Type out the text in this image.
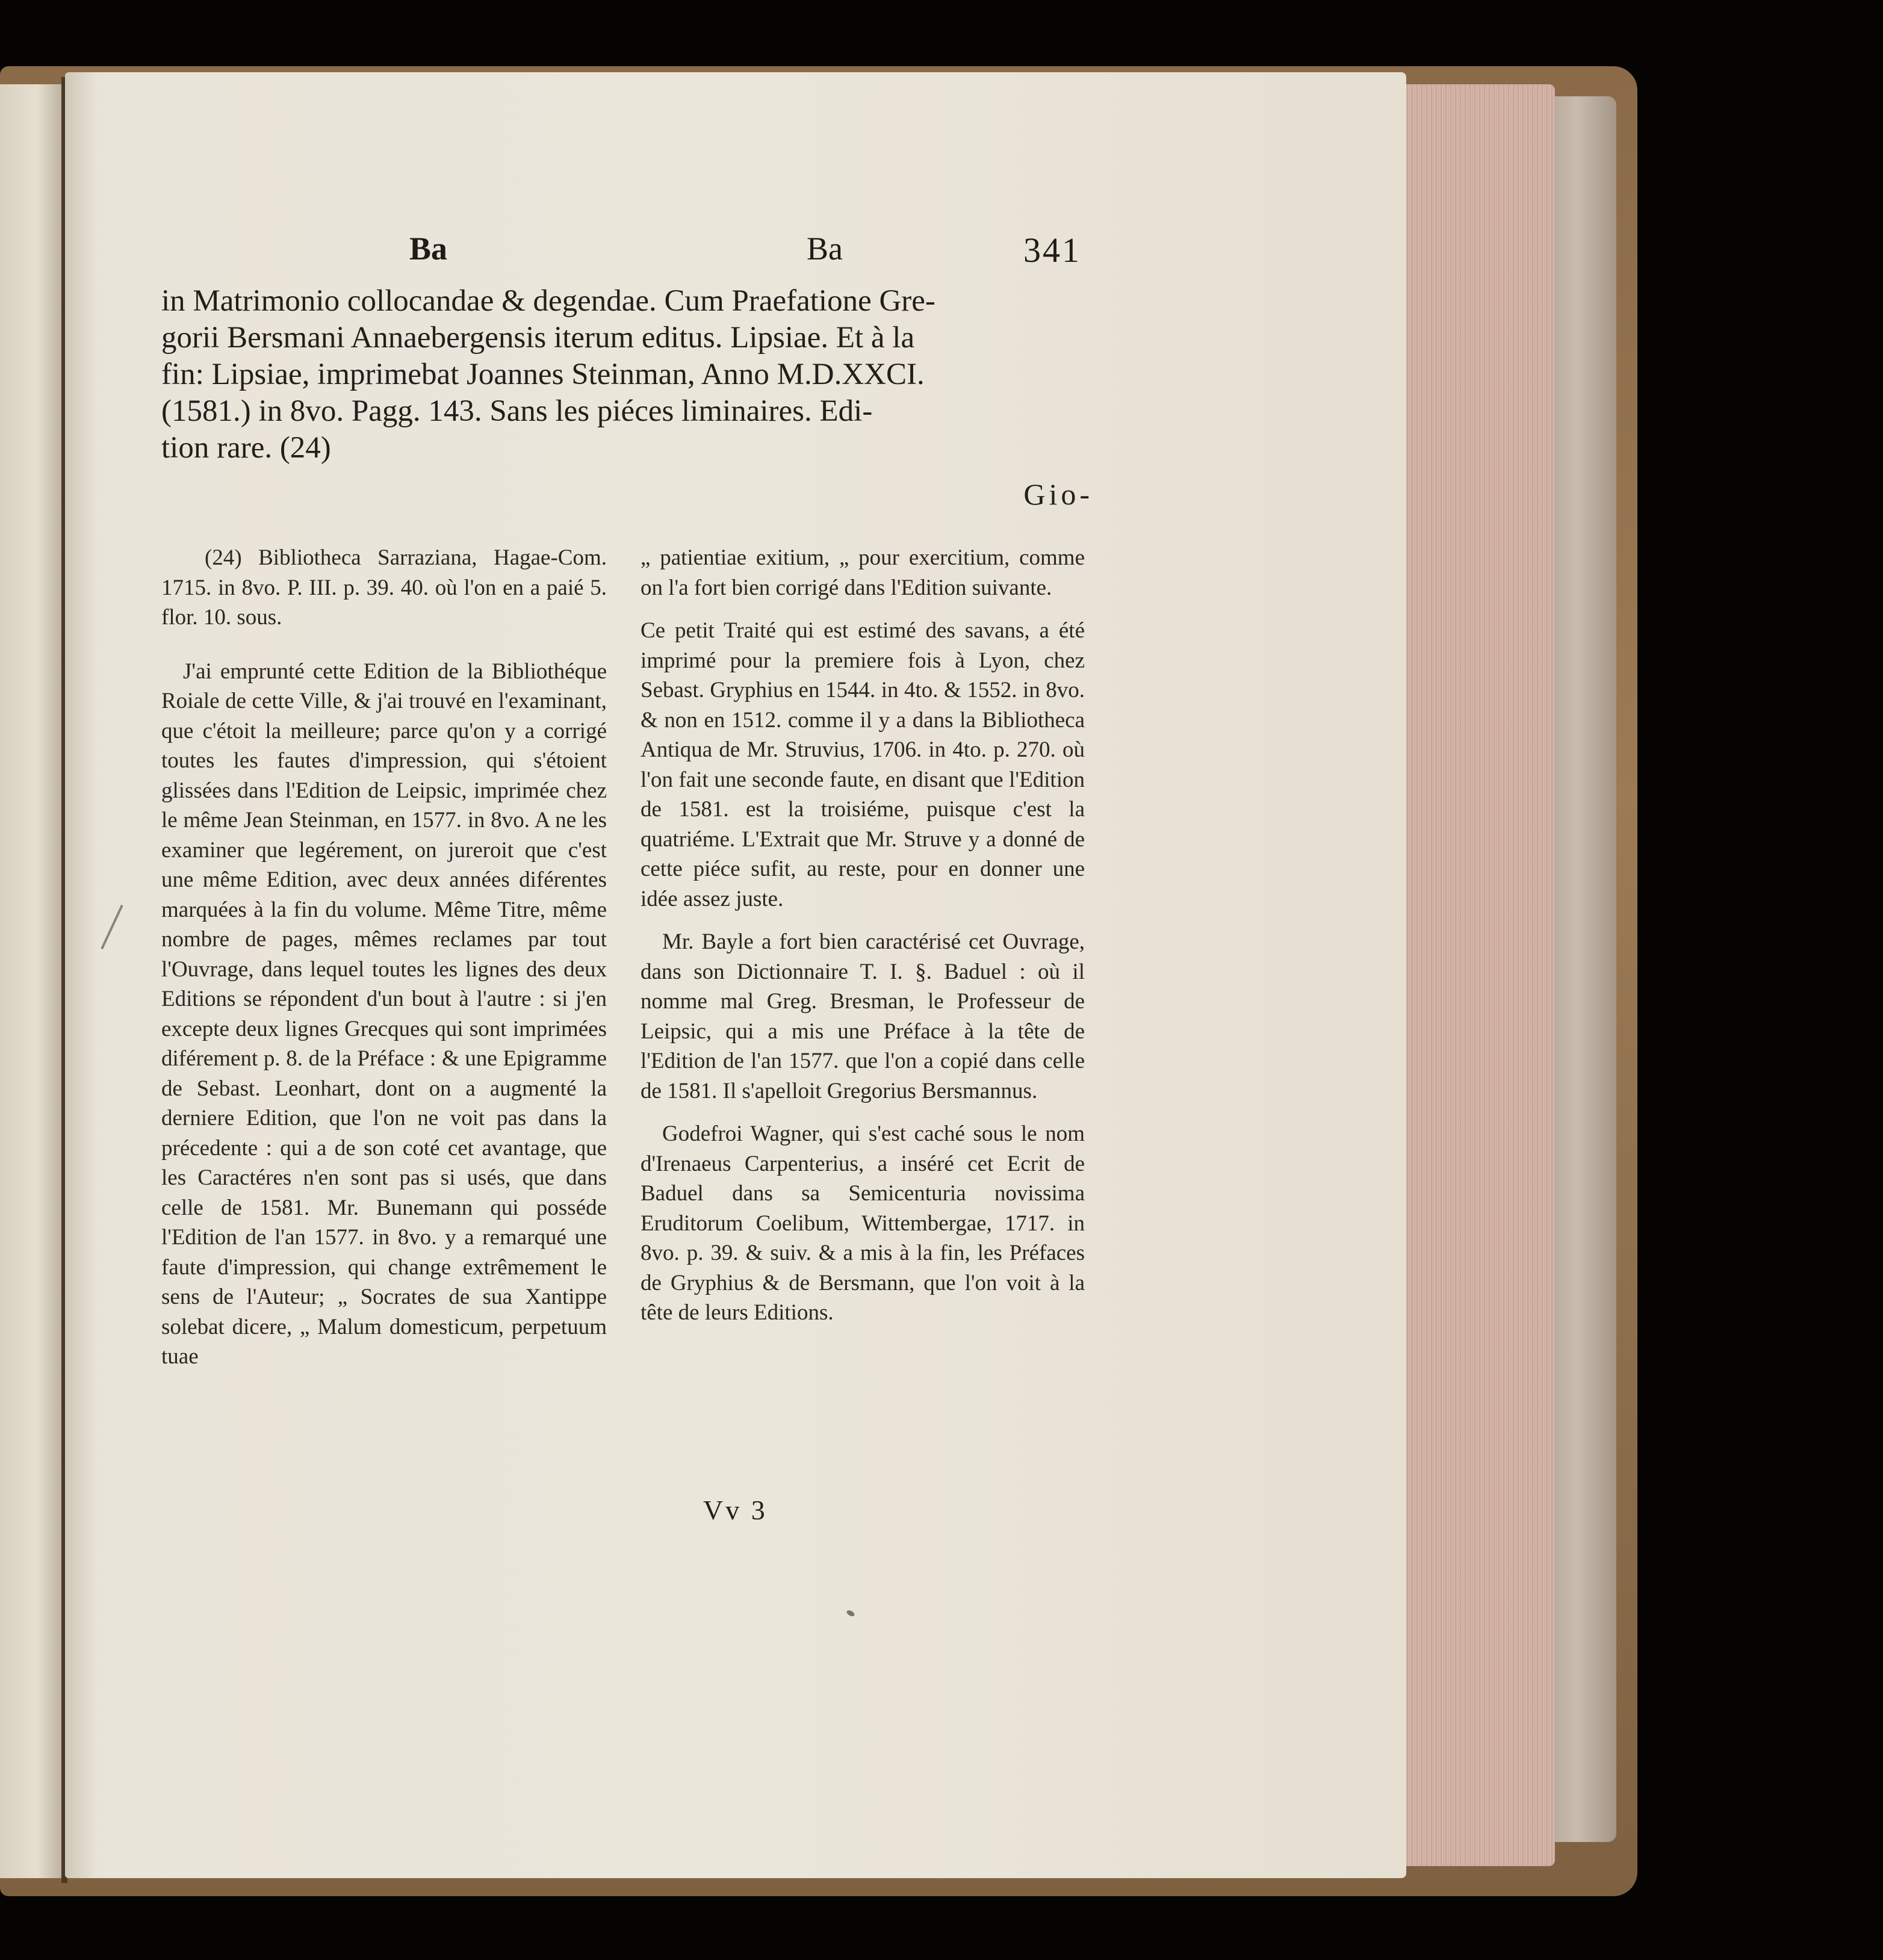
Ba	Ba	341

in Matrimonio collocandae & degendae. Cum Praefatione Gre-

gorii Bersmani Annaebergensis iterum editus. Lipsiae. Et à la

fin: Lipsiae, imprimebat Joannes Steinman, Anno M.D.XXCI.

(1581.) in 8vo. Pagg. 143. Sans les piéces liminaires. Edi-

tion rare. (24)

Gio-

(24) Bibliotheca Sarraziana, Hagae-Com. 1715. in 8vo. P. III. p. 39. 40. où l'on en a paié 5. flor. 10. sous.

J'ai emprunté cette Edition de la Bibliothéque Roiale de cette Ville, & j'ai trouvé en l'examinant, que c'étoit la meilleure; parce qu'on y a corrigé toutes les fautes d'impression, qui s'étoient glissées dans l'Edition de Leipsic, imprimée chez le même Jean Steinman, en 1577. in 8vo. A ne les examiner que legérement, on jureroit que c'est une même Edition, avec deux années diférentes marquées à la fin du volume. Même Titre, même nombre de pages, mêmes reclames par tout l'Ouvrage, dans lequel toutes les lignes des deux Editions se répondent d'un bout à l'autre : si j'en excepte deux lignes Grecques qui sont imprimées diférement p. 8. de la Préface : & une Epigramme de Sebast. Leonhart, dont on a augmenté la derniere Edition, que l'on ne voit pas dans la précedente : qui a de son coté cet avantage, que les Caractéres n'en sont pas si usés, que dans celle de 1581. Mr. Bunemann qui posséde l'Edition de l'an 1577. in 8vo. y a remarqué une faute d'impression, qui change extrêmement le sens de l'Auteur; „ Socrates de sua Xantippe solebat dicere, „ Malum domesticum, perpetuum tuae

„ patientiae exitium, „ pour exercitium, comme on l'a fort bien corrigé dans l'Edition suivante.

Ce petit Traité qui est estimé des savans, a été imprimé pour la premiere fois à Lyon, chez Sebast. Gryphius en 1544. in 4to. & 1552. in 8vo. & non en 1512. comme il y a dans la Bibliotheca Antiqua de Mr. Struvius, 1706. in 4to. p. 270. où l'on fait une seconde faute, en disant que l'Edition de 1581. est la troisiéme, puisque c'est la quatriéme. L'Extrait que Mr. Struve y a donné de cette piéce sufit, au reste, pour en donner une idée assez juste.

Mr. Bayle a fort bien caractérisé cet Ouvrage, dans son Dictionnaire T. I. §. Baduel : où il nomme mal Greg. Bresman, le Professeur de Leipsic, qui a mis une Préface à la tête de l'Edition de l'an 1577. que l'on a copié dans celle de 1581. Il s'apelloit Gregorius Bersmannus.

Godefroi Wagner, qui s'est caché sous le nom d'Irenaeus Carpenterius, a inséré cet Ecrit de Baduel dans sa Semicenturia novissima Eruditorum Coelibum, Wittembergae, 1717. in 8vo. p. 39. & suiv. & a mis à la fin, les Préfaces de Gryphius & de Bersmann, que l'on voit à la tête de leurs Editions.

Vv 3
